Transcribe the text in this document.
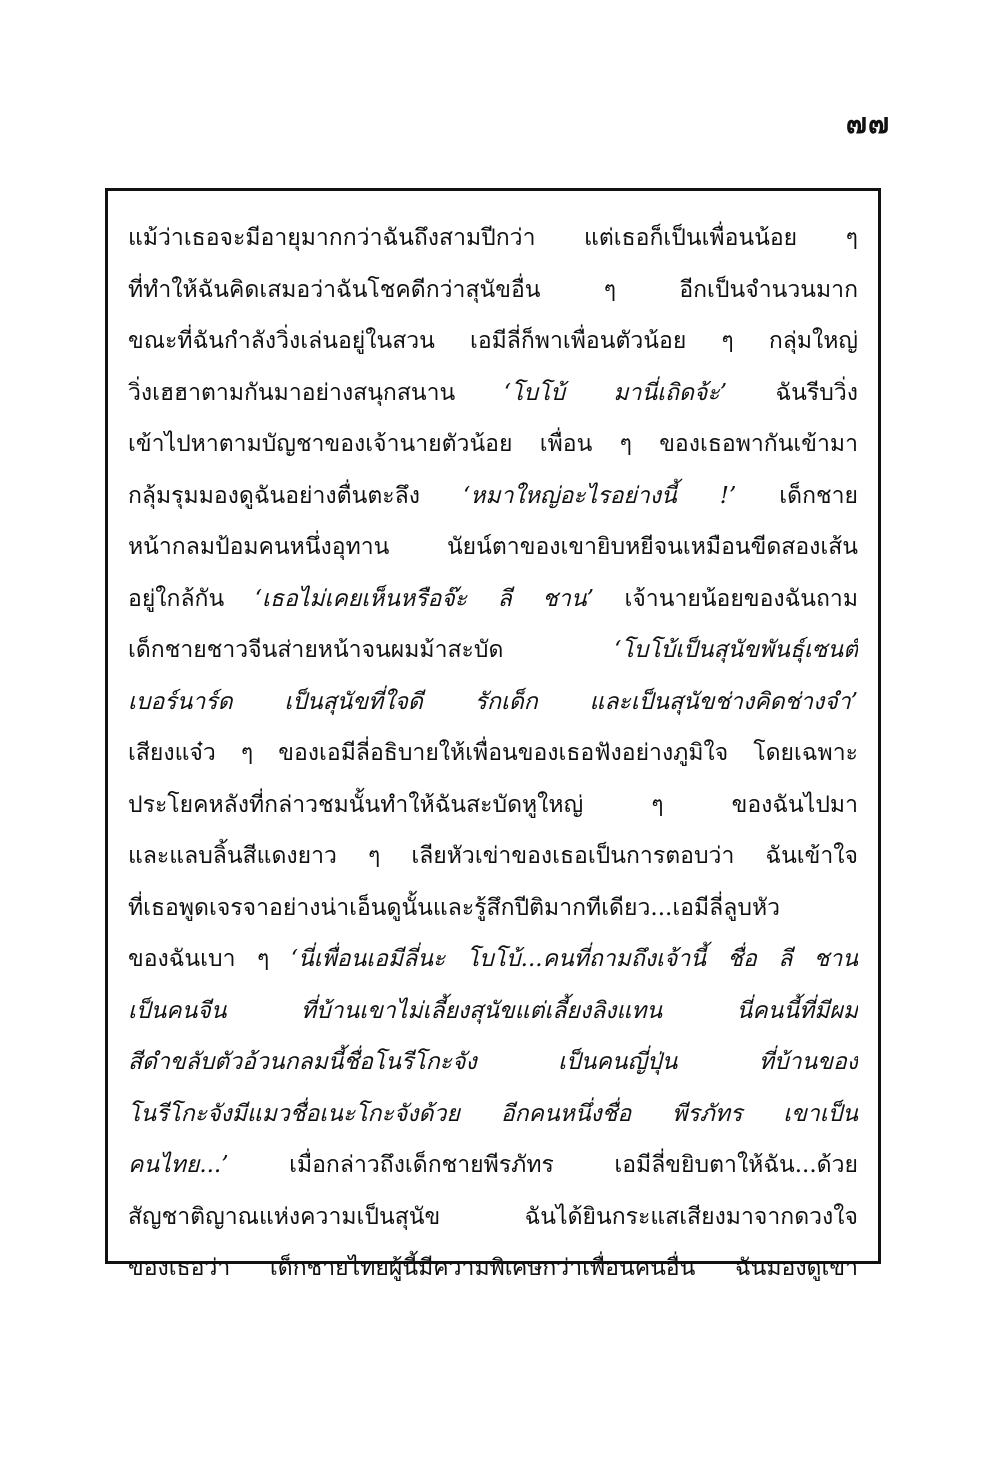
๗๗
แม้ว่าเธอจะมีอายุมากกว่าฉันถึงสามปีกว่า แต่เธอก็เป็นเพื่อนน้อย ๆ
ที่ทำให้ฉันคิดเสมอว่าฉันโชคดีกว่าสุนัขอื่น ๆ อีกเป็นจำนวนมาก
ขณะที่ฉันกำลังวิ่งเล่นอยู่ในสวน เอมีลี่ก็พาเพื่อนตัวน้อย ๆ กลุ่มใหญ่
วิ่งเฮฮาตามกันมาอย่างสนุกสนาน ‘โบโบ้ มานี่เถิดจ้ะ’ ฉันรีบวิ่ง
เข้าไปหาตามบัญชาของเจ้านายตัวน้อย เพื่อน ๆ ของเธอพากันเข้ามา
กลุ้มรุมมองดูฉันอย่างตื่นตะลึง ‘หมาใหญ่อะไรอย่างนี้ !’ เด็กชาย
หน้ากลมป้อมคนหนึ่งอุทาน นัยน์ตาของเขายิบหยีจนเหมือนขีดสองเส้น
อยู่ใกล้กัน ‘เธอไม่เคยเห็นหรือจ๊ะ ลี ชาน’ เจ้านายน้อยของฉันถาม
เด็กชายชาวจีนส่ายหน้าจนผมม้าสะบัด ‘โบโบ้เป็นสุนัขพันธุ์เซนต์
เบอร์นาร์ด เป็นสุนัขที่ใจดี รักเด็ก และเป็นสุนัขช่างคิดช่างจำ’
เสียงแจ๋ว ๆ ของเอมีลี่อธิบายให้เพื่อนของเธอฟังอย่างภูมิใจ โดยเฉพาะ
ประโยคหลังที่กล่าวชมนั้นทำให้ฉันสะบัดหูใหญ่ ๆ ของฉันไปมา
และแลบลิ้นสีแดงยาว ๆ เลียหัวเข่าของเธอเป็นการตอบว่า ฉันเข้าใจ
ที่เธอพูดเจรจาอย่างน่าเอ็นดูนั้นและรู้สึกปีติมากทีเดียว...เอมีลี่ลูบหัว
ของฉันเบา ๆ ‘นี่เพื่อนเอมีลี่นะ โบโบ้...คนที่ถามถึงเจ้านี้ ชื่อ ลี ชาน
เป็นคนจีน ที่บ้านเขาไม่เลี้ยงสุนัขแต่เลี้ยงลิงแทน นี่คนนี้ที่มีผม
สีดำขลับตัวอ้วนกลมนี้ชื่อโนรีโกะจัง เป็นคนญี่ปุ่น ที่บ้านของ
โนรีโกะจังมีแมวชื่อเนะโกะจังด้วย อีกคนหนึ่งชื่อ พีรภัทร เขาเป็น
คนไทย...’ เมื่อกล่าวถึงเด็กชายพีรภัทร เอมีลี่ขยิบตาให้ฉัน...ด้วย
สัญชาติญาณแห่งความเป็นสุนัข ฉันได้ยินกระแสเสียงมาจากดวงใจ
ของเธอว่า เด็กชายไทยผู้นี้มีความพิเศษกว่าเพื่อนคนอื่น ฉันมองดูเขา
